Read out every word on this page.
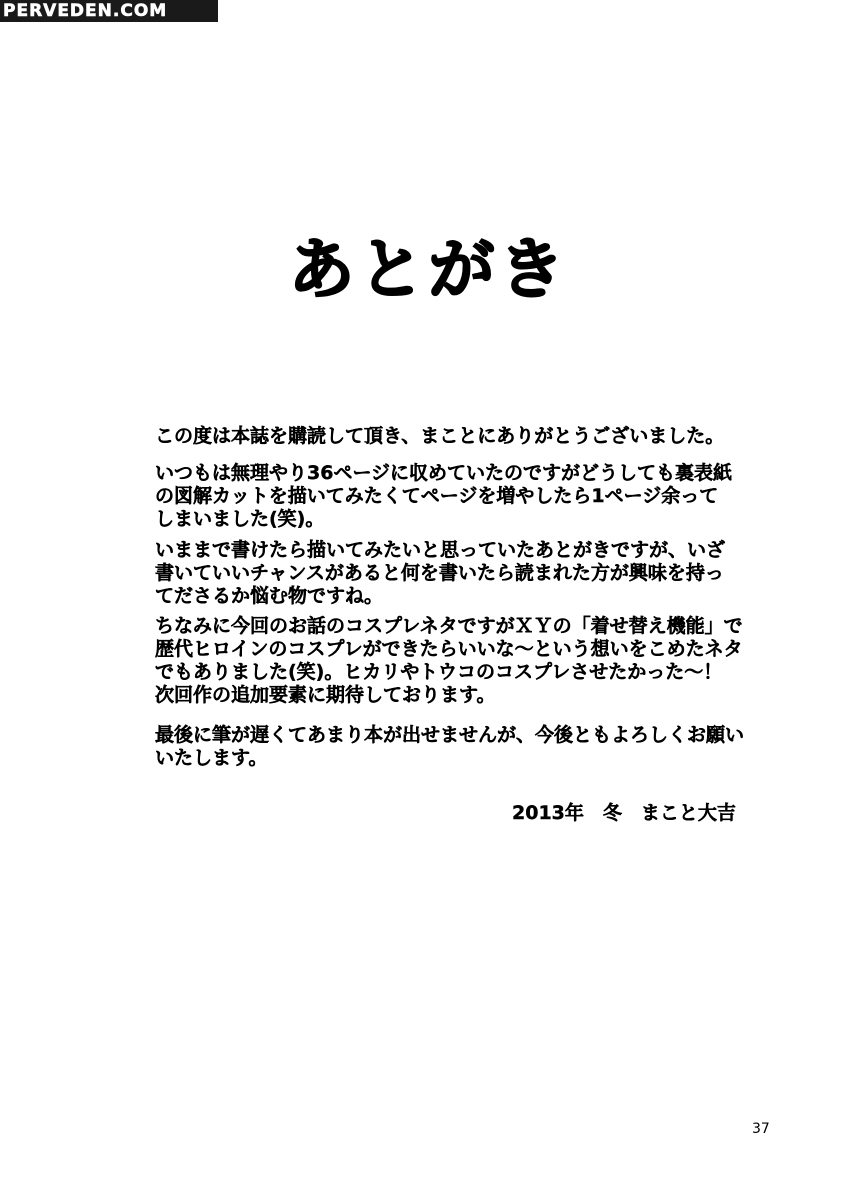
PERVEDEN.COM
あとがき

この度は本誌を購読して頂き、まことにありがとうございました。

いつもは無理やり36ページに収めていたのですがどうしても裏表紙
の図解カットを描いてみたくてページを増やしたら1ページ余って
しまいました(笑)。

いままで書けたら描いてみたいと思っていたあとがきですが、いざ
書いていいチャンスがあると何を書いたら読まれた方が興味を持っ
てださるか悩む物ですね。

ちなみに今回のお話のコスプレネタですがＸＹの「着せ替え機能」で
歴代ヒロインのコスプレができたらいいな～という想いをこめたネタ
でもありました(笑)。ヒカリやトウコのコスプレさせたかった～！
次回作の追加要素に期待しております。

最後に筆が遅くてあまり本が出せませんが、今後ともよろしくお願い
いたします。

2013年　冬　まこと大吉
37
